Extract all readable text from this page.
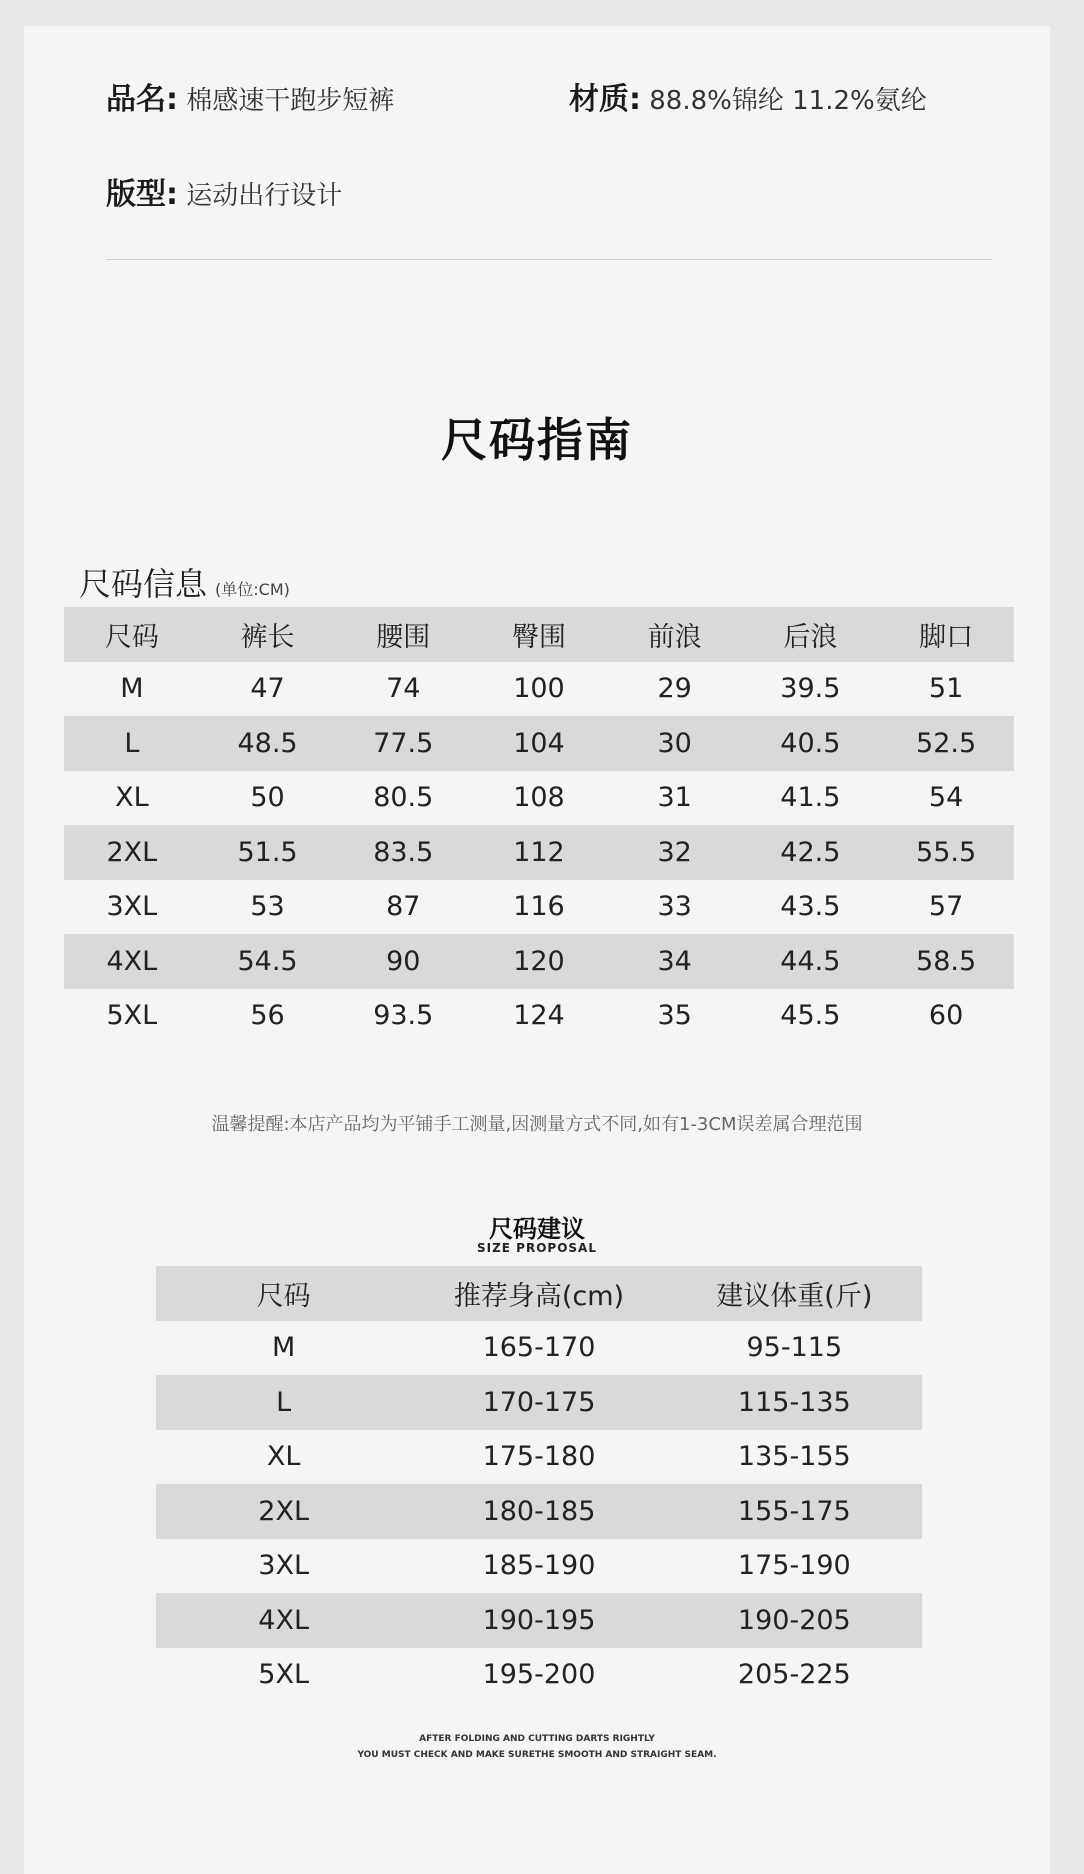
品名: 棉感速干跑步短裤	材质: 88.8%锦纶 11.2%氨纶
版型: 运动出行设计
尺码指南
尺码信息 (单位:CM)
尺码	裤长	腰围	臀围	前浪	后浪	脚口
M	47	74	100	29	39.5	51
L	48.5	77.5	104	30	40.5	52.5
XL	50	80.5	108	31	41.5	54
2XL	51.5	83.5	112	32	42.5	55.5
3XL	53	87	116	33	43.5	57
4XL	54.5	90	120	34	44.5	58.5
5XL	56	93.5	124	35	45.5	60
温馨提醒:本店产品均为平铺手工测量,因测量方式不同,如有1-3CM误差属合理范围
尺码建议
SIZE PROPOSAL
尺码	推荐身高(cm)	建议体重(斤)
M	165-170	95-115
L	170-175	115-135
XL	175-180	135-155
2XL	180-185	155-175
3XL	185-190	175-190
4XL	190-195	190-205
5XL	195-200	205-225
AFTER FOLDING AND CUTTING DARTS RIGHTLY
YOU MUST CHECK AND MAKE SURETHE SMOOTH AND STRAIGHT SEAM.
